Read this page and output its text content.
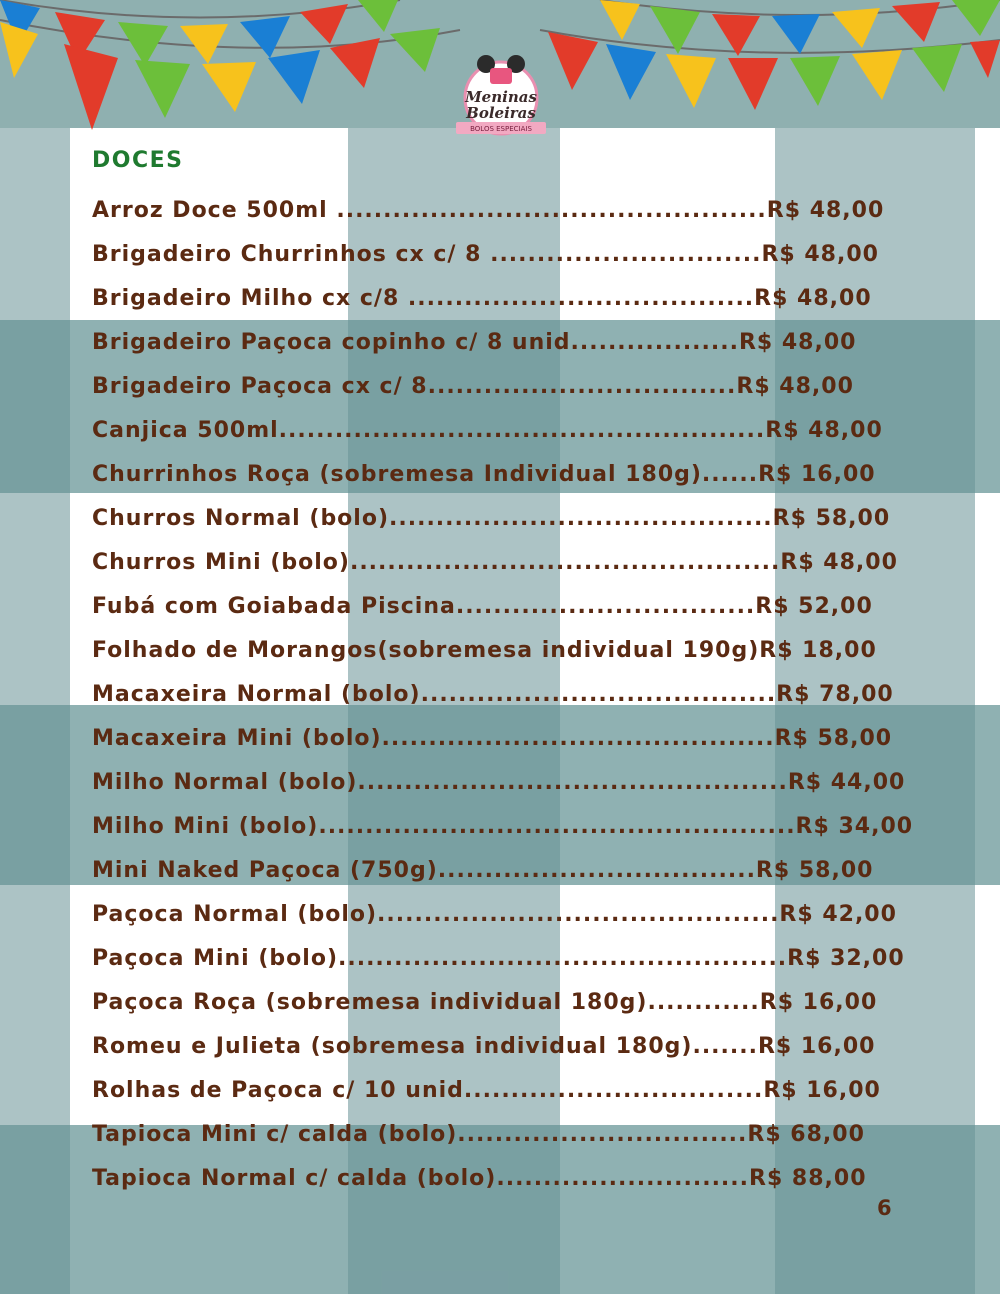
Meninas
Boleiras
BOLOS ESPECIAIS
DOCES
Arroz Doce 500ml ..............................................R$ 48,00
Brigadeiro Churrinhos cx c/ 8 .............................R$ 48,00
Brigadeiro Milho cx c/8 .....................................R$ 48,00
Brigadeiro Paçoca copinho c/ 8 unid..................R$ 48,00
Brigadeiro Paçoca cx c/ 8.................................R$ 48,00
Canjica 500ml....................................................R$ 48,00
Churrinhos Roça (sobremesa Individual 180g)......R$ 16,00
Churros Normal (bolo).........................................R$ 58,00
Churros Mini (bolo)..............................................R$ 48,00
Fubá com Goiabada Piscina................................R$ 52,00
Folhado de Morangos(sobremesa individual 190g)R$ 18,00
Macaxeira Normal (bolo)......................................R$ 78,00
Macaxeira Mini (bolo)..........................................R$ 58,00
Milho Normal (bolo)..............................................R$ 44,00
Milho Mini (bolo)...................................................R$ 34,00
Mini Naked Paçoca (750g)..................................R$ 58,00
Paçoca Normal (bolo)...........................................R$ 42,00
Paçoca Mini (bolo)................................................R$ 32,00
Paçoca Roça (sobremesa individual 180g)............R$ 16,00
Romeu e Julieta (sobremesa individual 180g).......R$ 16,00
Rolhas de Paçoca c/ 10 unid................................R$ 16,00
Tapioca Mini c/ calda (bolo)...............................R$ 68,00
Tapioca Normal c/ calda (bolo)...........................R$ 88,00
6
